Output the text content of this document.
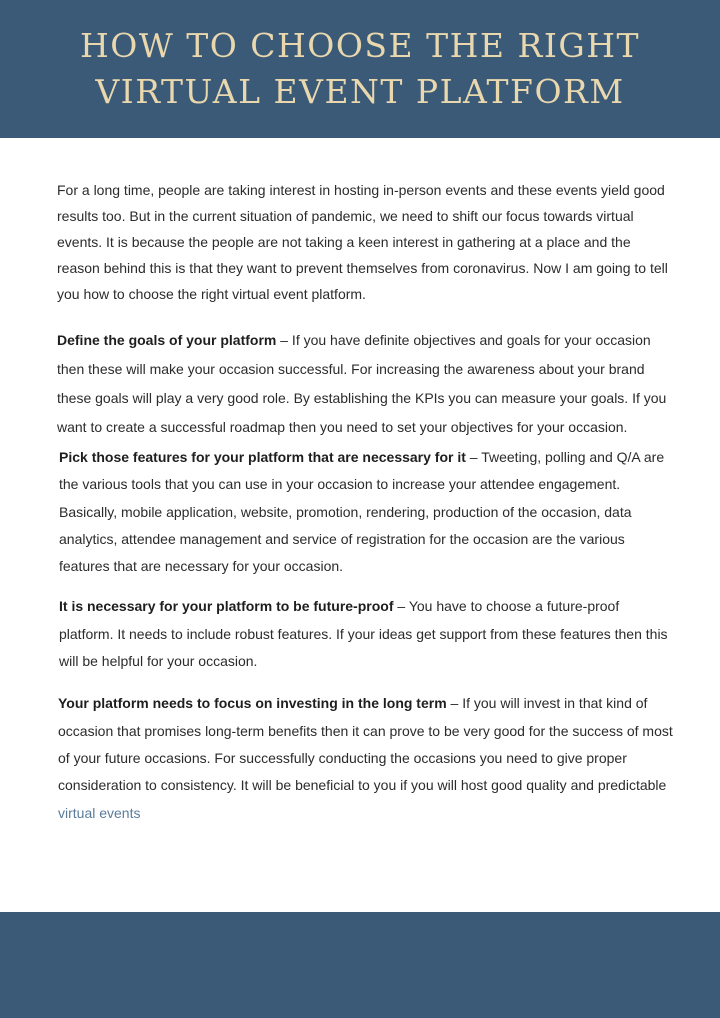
HOW TO CHOOSE THE RIGHT
VIRTUAL EVENT PLATFORM

For a long time, people are taking interest in hosting in-person events and these events yield good results too. But in the current situation of pandemic, we need to shift our focus towards virtual events. It is because the people are not taking a keen interest in gathering at a place and the reason behind this is that they want to prevent themselves from coronavirus. Now I am going to tell you how to choose the right virtual event platform.

Define the goals of your platform – If you have definite objectives and goals for your occasion then these will make your occasion successful. For increasing the awareness about your brand these goals will play a very good role. By establishing the KPIs you can measure your goals. If you want to create a successful roadmap then you need to set your objectives for your occasion.

Pick those features for your platform that are necessary for it – Tweeting, polling and Q/A are the various tools that you can use in your occasion to increase your attendee engagement. Basically, mobile application, website, promotion, rendering, production of the occasion, data analytics, attendee management and service of registration for the occasion are the various features that are necessary for your occasion.

It is necessary for your platform to be future-proof – You have to choose a future-proof platform. It needs to include robust features. If your ideas get support from these features then this will be helpful for your occasion.

Your platform needs to focus on investing in the long term – If you will invest in that kind of occasion that promises long-term benefits then it can prove to be very good for the success of most of your future occasions. For successfully conducting the occasions you need to give proper consideration to consistency. It will be beneficial to you if you will host good quality and predictable virtual events
